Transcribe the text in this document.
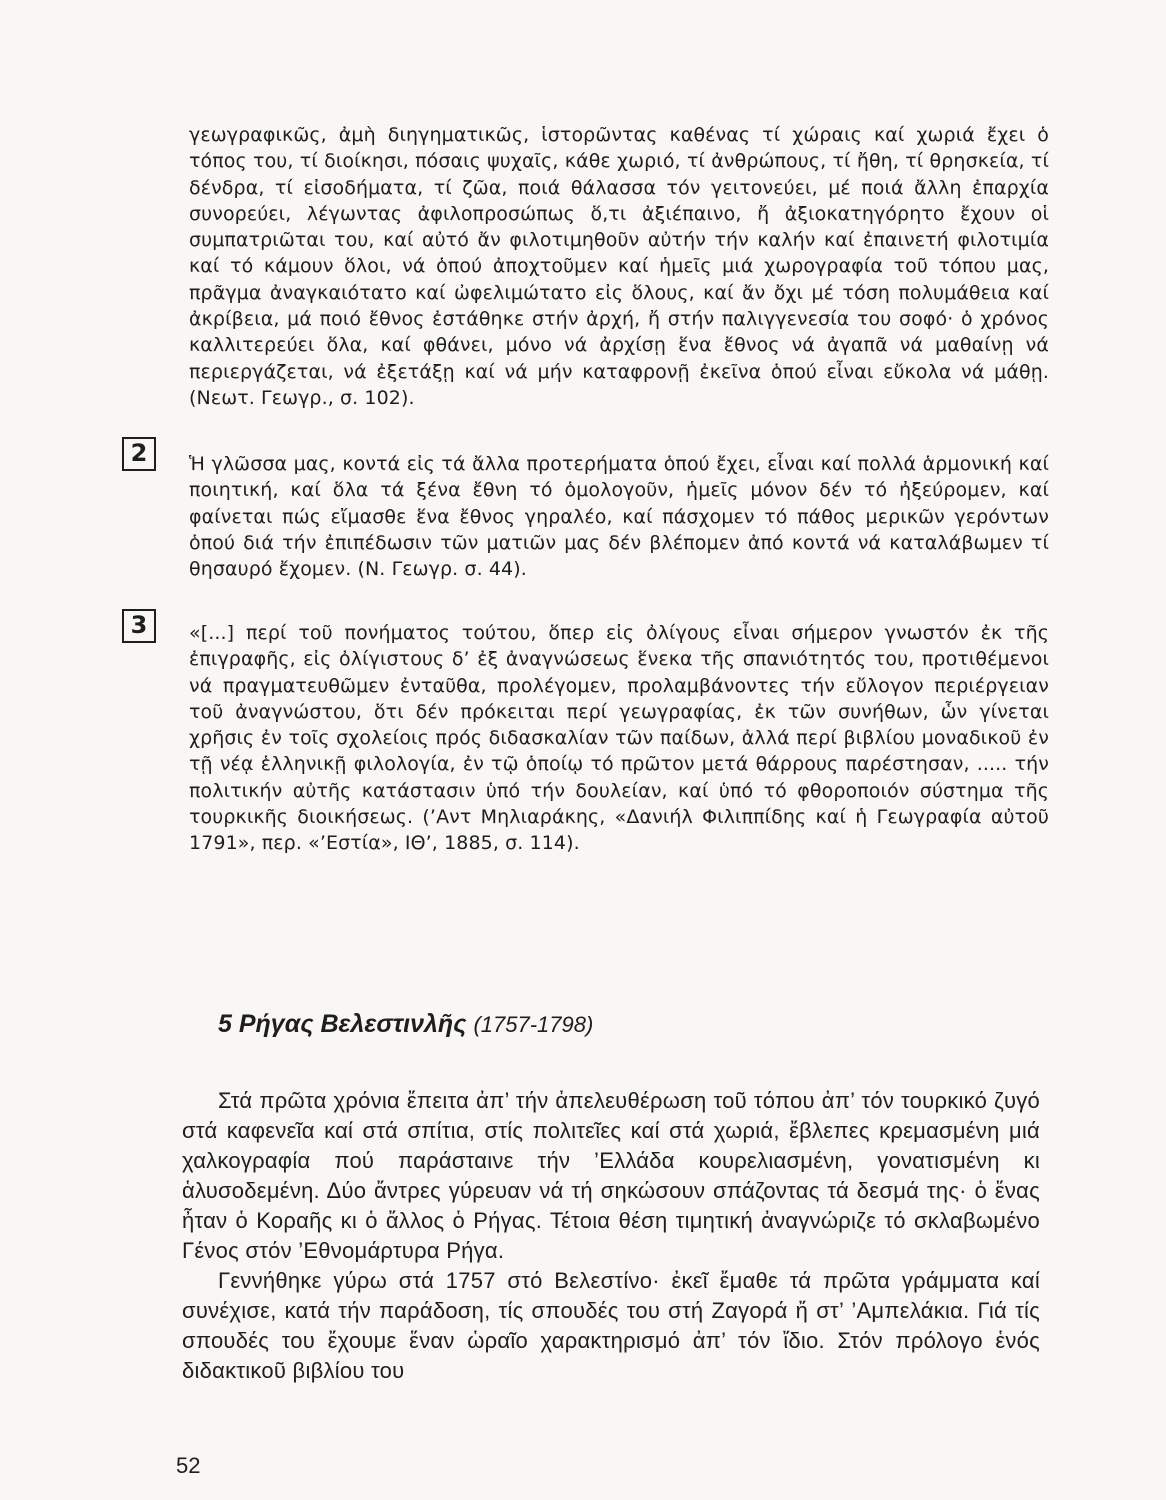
γεωγραφικῶς, ἀμὴ διηγηματικῶς, ἱστορῶντας καθένας τί χώραις καί χωριά ἔχει ὁ τόπος του, τί διοίκησι, πόσαις ψυχαῖς, κάθε χωριό, τί ἀνθρώπους, τί ἤθη, τί θρησκεία, τί δένδρα, τί εἰσοδήματα, τί ζῶα, ποιά θάλασσα τόν γειτονεύει, μέ ποιά ἄλλη ἐπαρχία συνορεύει, λέγωντας ἀφιλοπροσώπως ὅ,τι ἀξιέπαινο, ἤ ἀξιοκατηγόρητο ἔχουν οἱ συμπατριῶται του, καί αὐτό ἄν φιλοτιμηθοῦν αὐτήν τήν καλήν καί ἐπαινετή φιλοτιμία καί τό κάμουν ὅλοι, νά ὁπού ἀποχτοῦμεν καί ἡμεῖς μιά χωρογραφία τοῦ τόπου μας, πρᾶγμα ἀναγκαιότατο καί ὠφελιμώτατο εἰς ὅλους, καί ἄν ὄχι μέ τόση πολυμάθεια καί ἀκρίβεια, μά ποιό ἔθνος ἐστάθηκε στήν ἀρχή, ἤ στήν παλιγγενεσία του σοφό· ὁ χρόνος καλλιτερεύει ὅλα, καί φθάνει, μόνο νά ἀρχίσῃ ἕνα ἔθνος νά ἀγαπᾶ νά μαθαίνῃ νά περιεργάζεται, νά ἐξετάξῃ καί νά μήν καταφρονῇ ἐκεῖνα ὁπού εἶναι εὔκολα νά μάθῃ. (Νεωτ. Γεωγρ., σ. 102).

2	Ἡ γλῶσσα μας, κοντά εἰς τά ἄλλα προτερήματα ὁπού ἔχει, εἶναι καί πολλά ἁρμονική καί ποιητική, καί ὅλα τά ξένα ἔθνη τό ὁμολογοῦν, ἡμεῖς μόνον δέν τό ἠξεύρομεν, καί φαίνεται πώς εἴμασθε ἕνα ἔθνος γηραλέο, καί πάσχομεν τό πάθος μερικῶν γερόντων ὁπού διά τήν ἐπιπέδωσιν τῶν ματιῶν μας δέν βλέπομεν ἀπό κοντά νά καταλάβωμεν τί θησαυρό ἔχομεν. (Ν. Γεωγρ. σ. 44).

3	«[...] περί τοῦ πονήματος τούτου, ὅπερ εἰς ὀλίγους εἶναι σήμερον γνωστόν ἐκ τῆς ἐπιγραφῆς, εἰς ὀλίγιστους δ’ ἐξ ἀναγνώσεως ἕνεκα τῆς σπανιότητός του, προτιθέμενοι νά πραγματευθῶμεν ἐνταῦθα, προλέγομεν, προλαμβάνοντες τήν εὔλογον περιέργειαν τοῦ ἀναγνώστου, ὅτι δέν πρόκειται περί γεωγραφίας, ἐκ τῶν συνήθων, ὧν γίνεται χρῆσις ἐν τοῖς σχολείοις πρός διδασκαλίαν τῶν παίδων, ἀλλά περί βιβλίου μοναδικοῦ ἐν τῇ νέᾳ ἑλληνικῇ φιλολογία, ἐν τῷ ὁποίῳ τό πρῶτον μετά θάρρους παρέστησαν, ..... τήν πολιτικήν αὐτῆς κατάστασιν ὑπό τήν δουλείαν, καί ὑπό τό φθοροποιόν σύστημα τῆς τουρκικῆς διοικήσεως. (’Αντ Μηλιαράκης, «Δανιήλ Φιλιππίδης καί ἡ Γεωγραφία αὐτοῦ 1791», περ. «’Εστία», ΙΘ’, 1885, σ. 114).

5 Ρήγας Βελεστινλῆς (1757-1798)

Στά πρῶτα χρόνια ἔπειτα ἀπ’ τήν ἀπελευθέρωση τοῦ τόπου ἀπ’ τόν τουρκικό ζυγό στά καφενεῖα καί στά σπίτια, στίς πολιτεῖες καί στά χωριά, ἔβλεπες κρεμασμένη μιά χαλκογραφία πού παράσταινε τήν ’Ελλάδα κουρελιασμένη, γονατισμένη κι ἁλυσοδεμένη. Δύο ἄντρες γύρευαν νά τή σηκώσουν σπάζοντας τά δεσμά της· ὁ ἕνας ἦταν ὁ Κοραῆς κι ὁ ἄλλος ὁ Ρήγας. Τέτοια θέση τιμητική ἀναγνώριζε τό σκλαβωμένο Γένος στόν ’Εθνομάρτυρα Ρήγα.

Γεννήθηκε γύρω στά 1757 στό Βελεστίνο· ἐκεῖ ἔμαθε τά πρῶτα γράμματα καί συνέχισε, κατά τήν παράδοση, τίς σπουδές του στή Ζαγορά ἤ στ’ ’Αμπελάκια. Γιά τίς σπουδές του ἔχουμε ἕναν ὡραῖο χαρακτηρισμό ἀπ’ τόν ἴδιο. Στόν πρόλογο ἑνός διδακτικοῦ βιβλίου του

52
